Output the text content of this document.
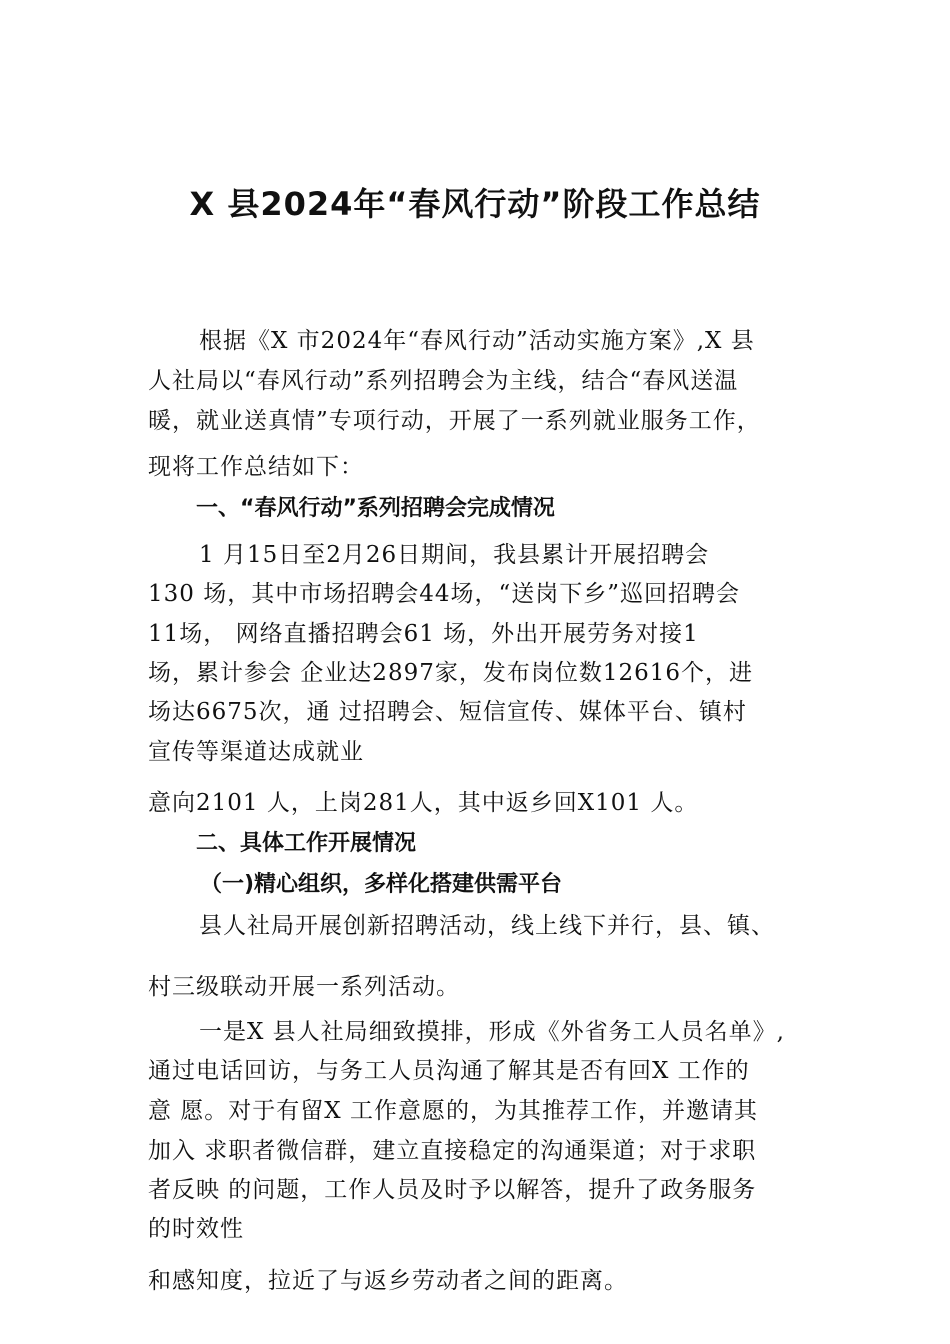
X 县2024年“春风行动”阶段工作总结
根据《X 市2024年“春风行动”活动实施方案》,X 县
人社局以“春风行动”系列招聘会为主线，结合“春风送温
暖，就业送真情”专项行动，开展了一系列就业服务工作，
现将工作总结如下：
一、“春风行动”系列招聘会完成情况
1 月15日至2月26日期间，我县累计开展招聘会
130 场，其中市场招聘会44场，“送岗下乡”巡回招聘会
11场， 网络直播招聘会61 场，外出开展劳务对接1
场，累计参会 企业达2897家，发布岗位数12616个，进
场达6675次，通 过招聘会、短信宣传、媒体平台、镇村
宣传等渠道达成就业
意向2101 人，上岗281人，其中返乡回X101 人。
二、具体工作开展情况
（一)精心组织，多样化搭建供需平台
县人社局开展创新招聘活动，线上线下并行，县、镇、
村三级联动开展一系列活动。
一是X 县人社局细致摸排，形成《外省务工人员名单》,
通过电话回访，与务工人员沟通了解其是否有回X 工作的
意 愿。对于有留X 工作意愿的，为其推荐工作，并邀请其
加入 求职者微信群，建立直接稳定的沟通渠道；对于求职
者反映 的问题，工作人员及时予以解答，提升了政务服务
的时效性
和感知度，拉近了与返乡劳动者之间的距离。
